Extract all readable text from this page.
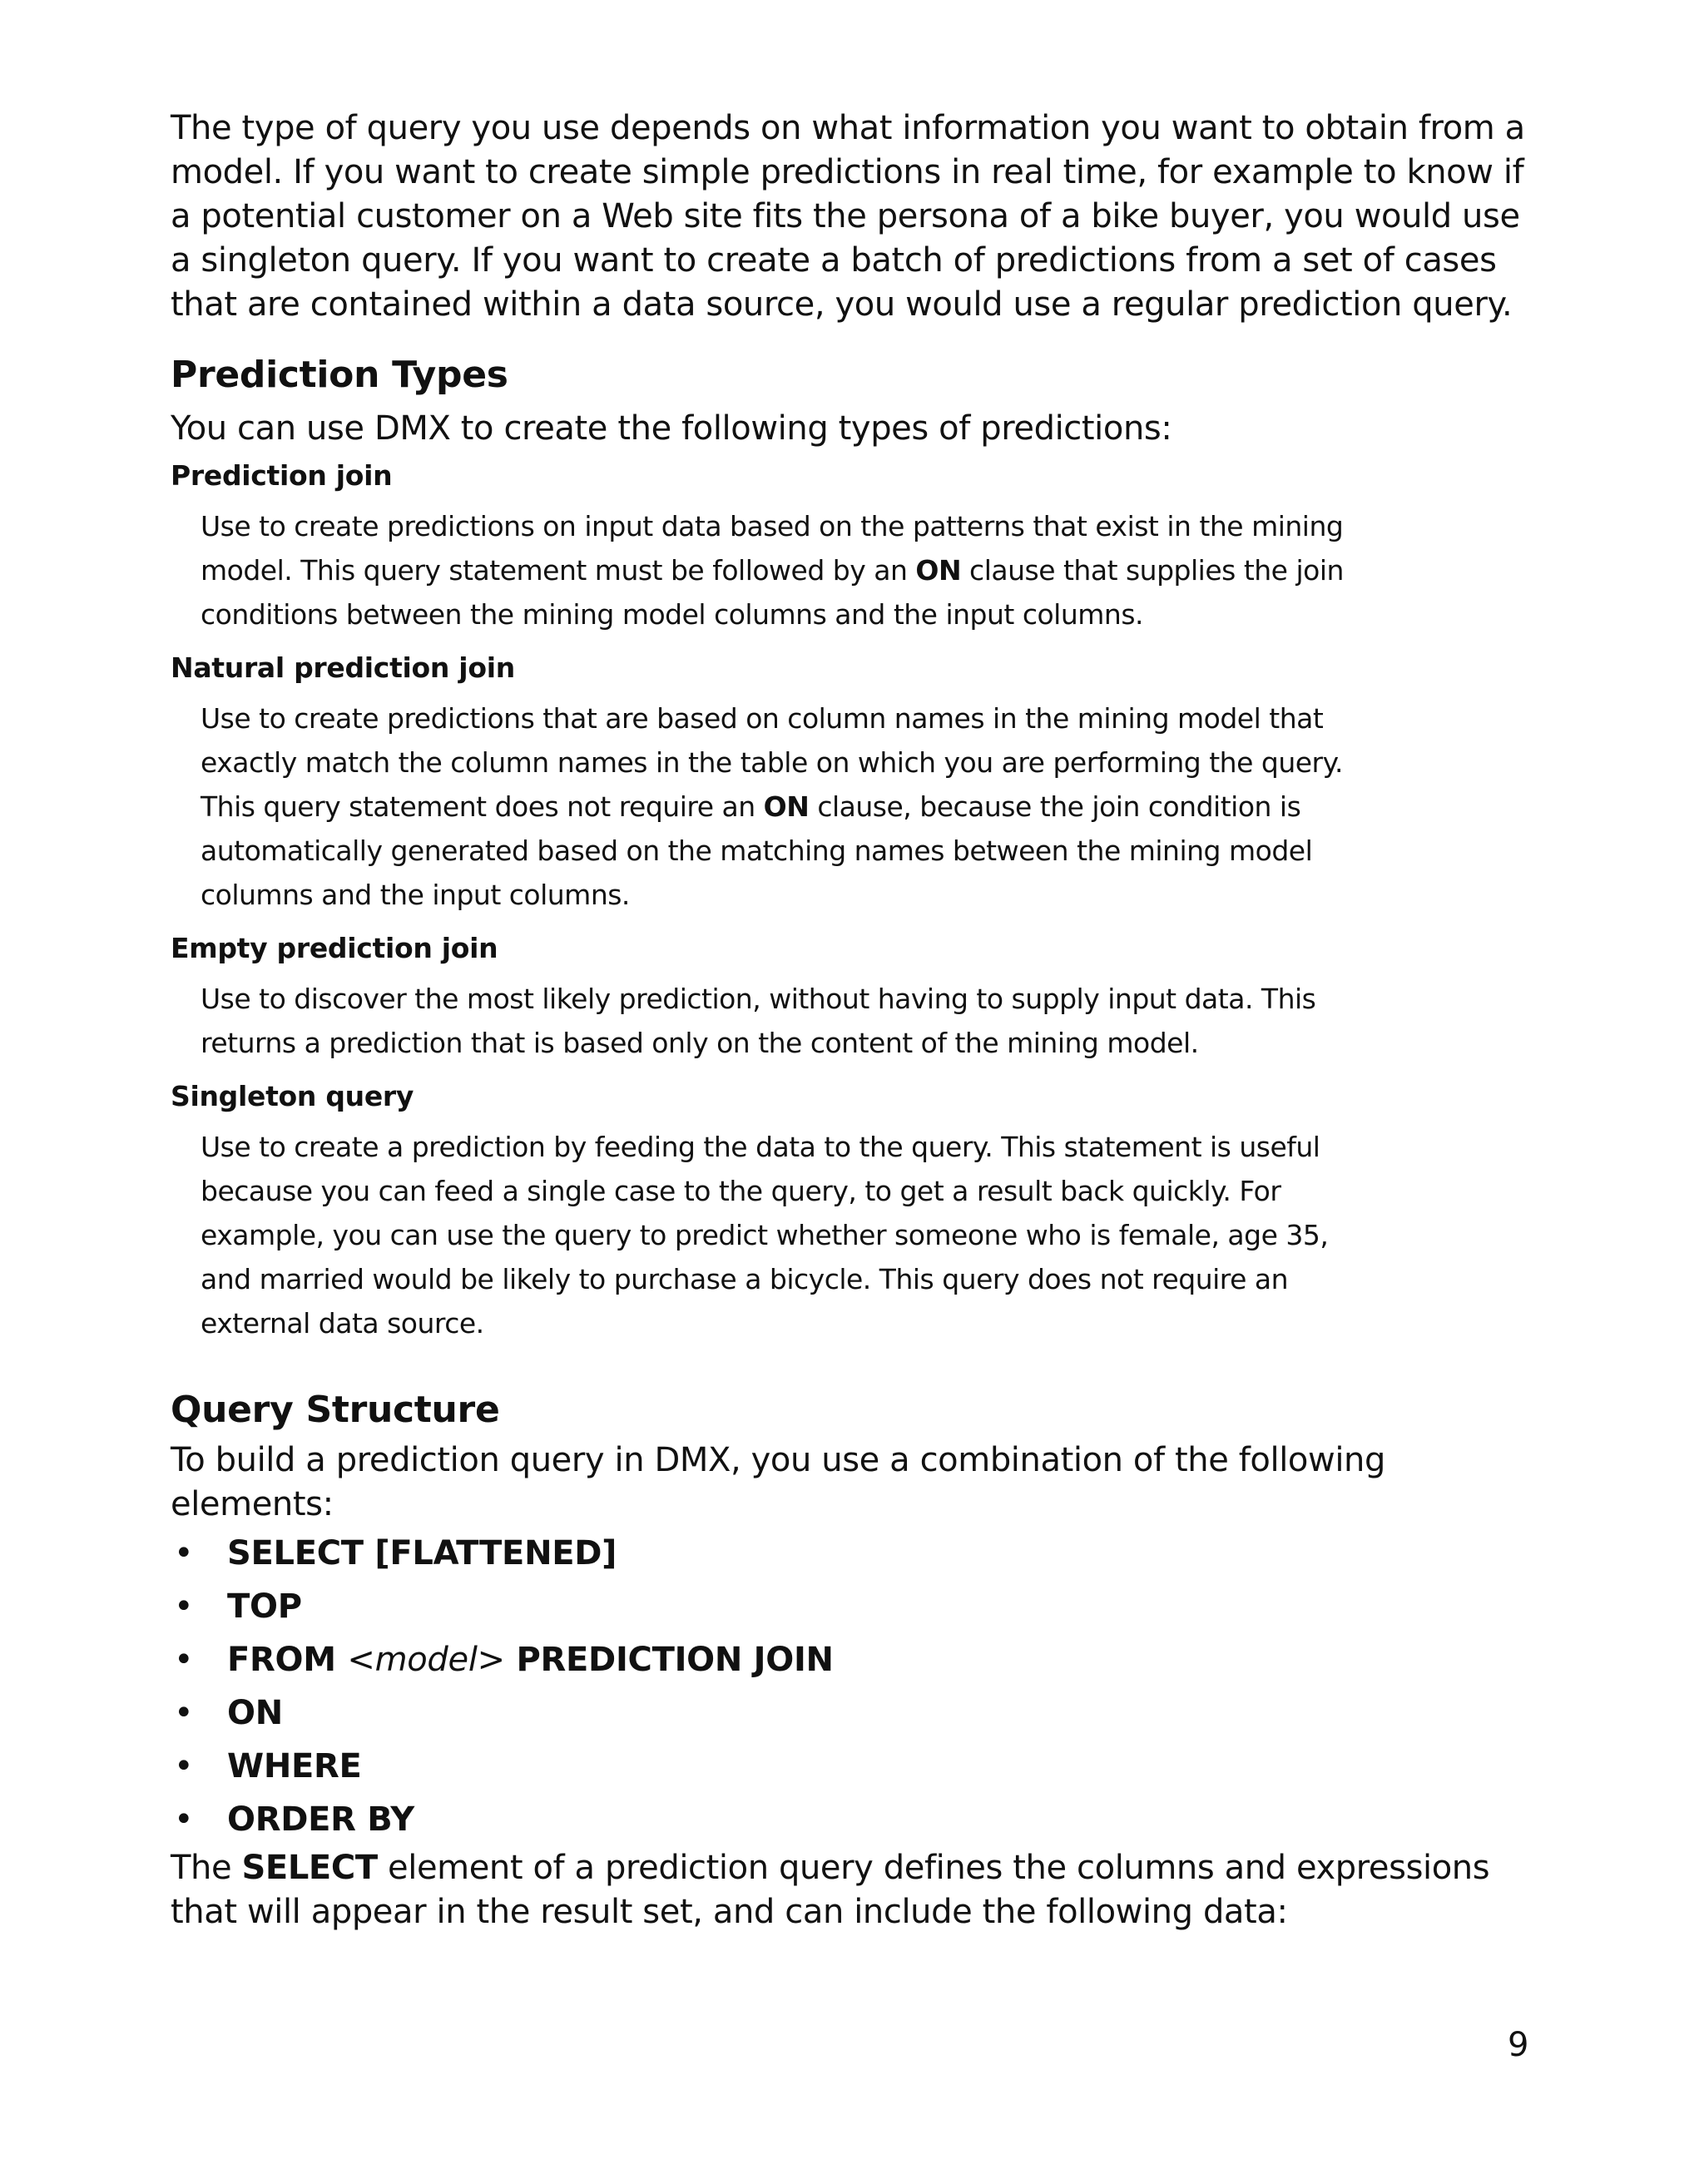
The type of query you use depends on what information you want to obtain from a model. If you want to create simple predictions in real time, for example to know if a potential customer on a Web site fits the persona of a bike buyer, you would use a singleton query. If you want to create a batch of predictions from a set of cases that are contained within a data source, you would use a regular prediction query.

Prediction Types

You can use DMX to create the following types of predictions:

Prediction join

Use to create predictions on input data based on the patterns that exist in the mining model. This query statement must be followed by an ON clause that supplies the join conditions between the mining model columns and the input columns.

Natural prediction join

Use to create predictions that are based on column names in the mining model that exactly match the column names in the table on which you are performing the query. This query statement does not require an ON clause, because the join condition is automatically generated based on the matching names between the mining model columns and the input columns.

Empty prediction join

Use to discover the most likely prediction, without having to supply input data. This returns a prediction that is based only on the content of the mining model.

Singleton query

Use to create a prediction by feeding the data to the query. This statement is useful because you can feed a single case to the query, to get a result back quickly. For example, you can use the query to predict whether someone who is female, age 35, and married would be likely to purchase a bicycle. This query does not require an external data source.

Query Structure

To build a prediction query in DMX, you use a combination of the following elements:

• SELECT [FLATTENED]
• TOP
• FROM <model> PREDICTION JOIN
• ON
• WHERE
• ORDER BY

The SELECT element of a prediction query defines the columns and expressions that will appear in the result set, and can include the following data:

9
